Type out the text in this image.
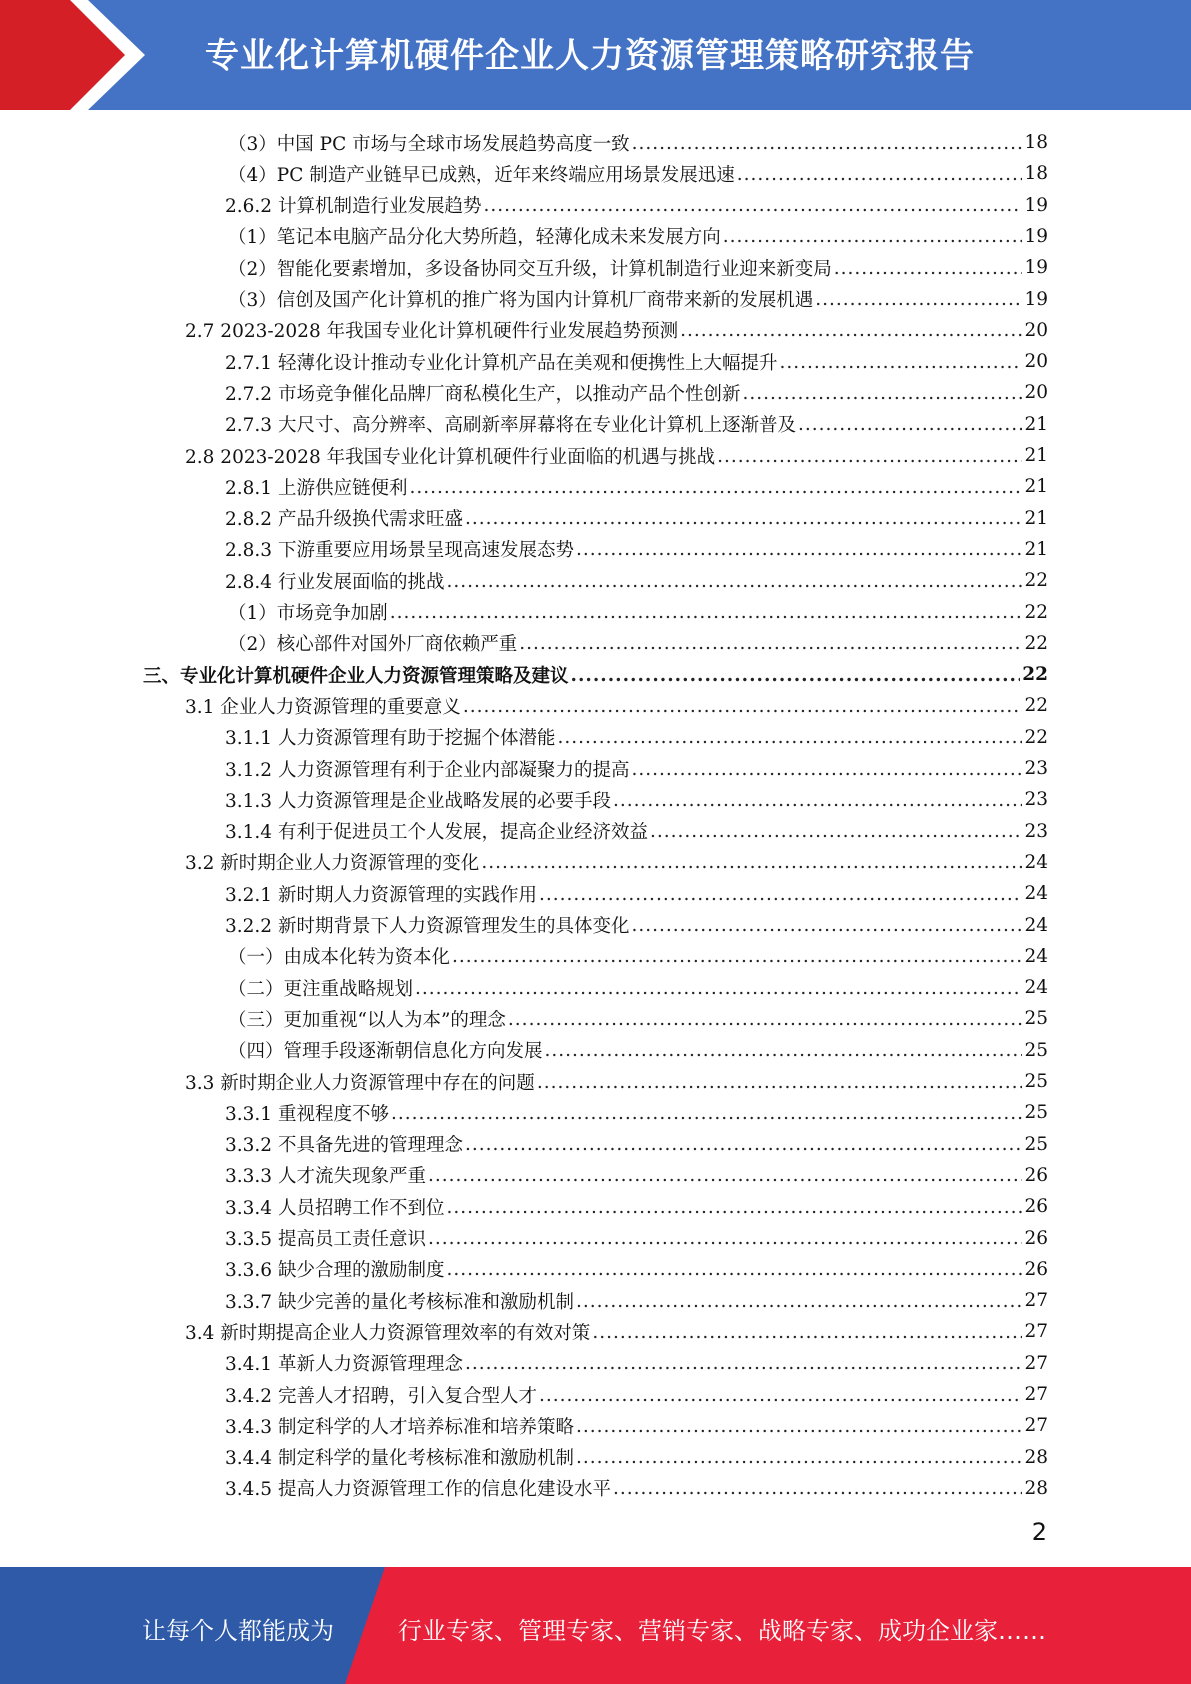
专业化计算机硬件企业人力资源管理策略研究报告
（3）中国 PC 市场与全球市场发展趋势高度一致 .....	18
（4）PC 制造产业链早已成熟，近年来终端应用场景发展迅速 .....	18
2.6.2 计算机制造行业发展趋势 .....	19
（1）笔记本电脑产品分化大势所趋，轻薄化成未来发展方向 .....	19
（2）智能化要素增加，多设备协同交互升级，计算机制造行业迎来新变局 .....	19
（3）信创及国产化计算机的推广将为国内计算机厂商带来新的发展机遇 .....	19
2.7 2023-2028 年我国专业化计算机硬件行业发展趋势预测 .....	20
2.7.1 轻薄化设计推动专业化计算机产品在美观和便携性上大幅提升 .....	20
2.7.2 市场竞争催化品牌厂商私模化生产，以推动产品个性创新 .....	20
2.7.3 大尺寸、高分辨率、高刷新率屏幕将在专业化计算机上逐渐普及 .....	21
2.8 2023-2028 年我国专业化计算机硬件行业面临的机遇与挑战 .....	21
2.8.1 上游供应链便利 .....	21
2.8.2 产品升级换代需求旺盛 .....	21
2.8.3 下游重要应用场景呈现高速发展态势 .....	21
2.8.4 行业发展面临的挑战 .....	22
（1）市场竞争加剧 .....	22
（2）核心部件对国外厂商依赖严重 .....	22
三、专业化计算机硬件企业人力资源管理策略及建议 .....	22
3.1 企业人力资源管理的重要意义 .....	22
3.1.1 人力资源管理有助于挖掘个体潜能 .....	22
3.1.2 人力资源管理有利于企业内部凝聚力的提高 .....	23
3.1.3 人力资源管理是企业战略发展的必要手段 .....	23
3.1.4 有利于促进员工个人发展，提高企业经济效益 .....	23
3.2 新时期企业人力资源管理的变化 .....	24
3.2.1 新时期人力资源管理的实践作用 .....	24
3.2.2 新时期背景下人力资源管理发生的具体变化 .....	24
（一）由成本化转为资本化 .....	24
（二）更注重战略规划 .....	24
（三）更加重视“以人为本”的理念 .....	25
（四）管理手段逐渐朝信息化方向发展 .....	25
3.3 新时期企业人力资源管理中存在的问题 .....	25
3.3.1 重视程度不够 .....	25
3.3.2 不具备先进的管理理念 .....	25
3.3.3 人才流失现象严重 .....	26
3.3.4 人员招聘工作不到位 .....	26
3.3.5 提高员工责任意识 .....	26
3.3.6 缺少合理的激励制度 .....	26
3.3.7 缺少完善的量化考核标准和激励机制 .....	27
3.4 新时期提高企业人力资源管理效率的有效对策 .....	27
3.4.1 革新人力资源管理理念 .....	27
3.4.2 完善人才招聘，引入复合型人才 .....	27
3.4.3 制定科学的人才培养标准和培养策略 .....	27
3.4.4 制定科学的量化考核标准和激励机制 .....	28
3.4.5 提高人力资源管理工作的信息化建设水平 .....	28
2
让每个人都能成为	行业专家、管理专家、营销专家、战略专家、成功企业家……
